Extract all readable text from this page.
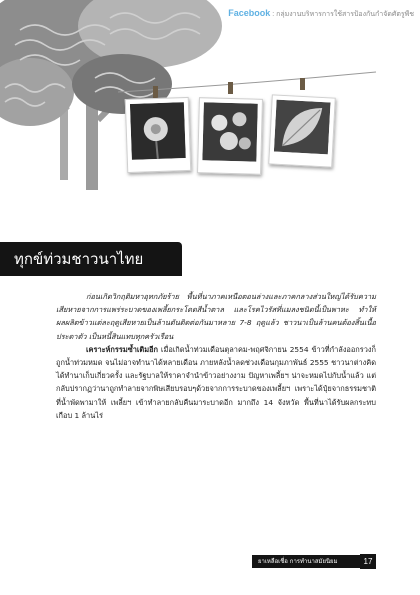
Facebook : กลุ่มงานบริหารการใช้สารป้องกันกำจัดศัตรูพืช
ทุกข์ท่วมชาวนาไทย

ก่อนเกิดวิกฤติมหาอุทกภัยร้าย พื้นที่นาภาคเหนือตอนล่างและภาคกลางส่วนใหญ่ได้รับความเสียหายจากการแพร่ระบาดของเพลี้ยกระโดดสีน้ำตาล และโรคไวรัสที่แมลงชนิดนี้เป็นพาหะ ทำให้ผลผลิตข้าวแต่ละฤดูเสียหายเป็นล้านตันติดต่อกันมาหลาย 7-8 ฤดูแล้ว ชาวนาเป็นล้านคนต้องสิ้นเนื้อประดาตัว เป็นหนี้สินแทบทุกครัวเรือน

เคราะห์กรรมซ้ำเติมอีก เมื่อเกิดน้ำท่วมเดือนตุลาคม-พฤศจิกายน 2554 ข้าวที่กำลังออกรวงก็ถูกน้ำท่วมหมด จนไม่อาจทำนาได้หลายเดือน ภายหลังน้ำลดช่วงเดือนกุมภาพันธ์ 2555 ชาวนาต่างคิดได้ทำนาเก็บเกี่ยวครั้ง และรัฐบาลให้ราคาจำนำข้าวอย่างงาม ปัญหาเพลี้ยฯ น่าจะหมดไปกับน้ำแล้ว แต่กลับปรากฏว่านาถูกทำลายจากพิษเสียบรอบๆด้วยจากการระบาดของเพลี้ยฯ เพราะได้ปุ๋ยจากธรรมชาติที่น้ำพัดพามาให้ เพลี้ยฯ เข้าทำลายกลับคืนมาระบาดอีก มากถึง 14 จังหวัด พื้นที่นาได้รับผลกระทบเกือบ 1 ล้านไร่

ยาเหลือเชื่อ การทำนาสมัยนิยม	17
